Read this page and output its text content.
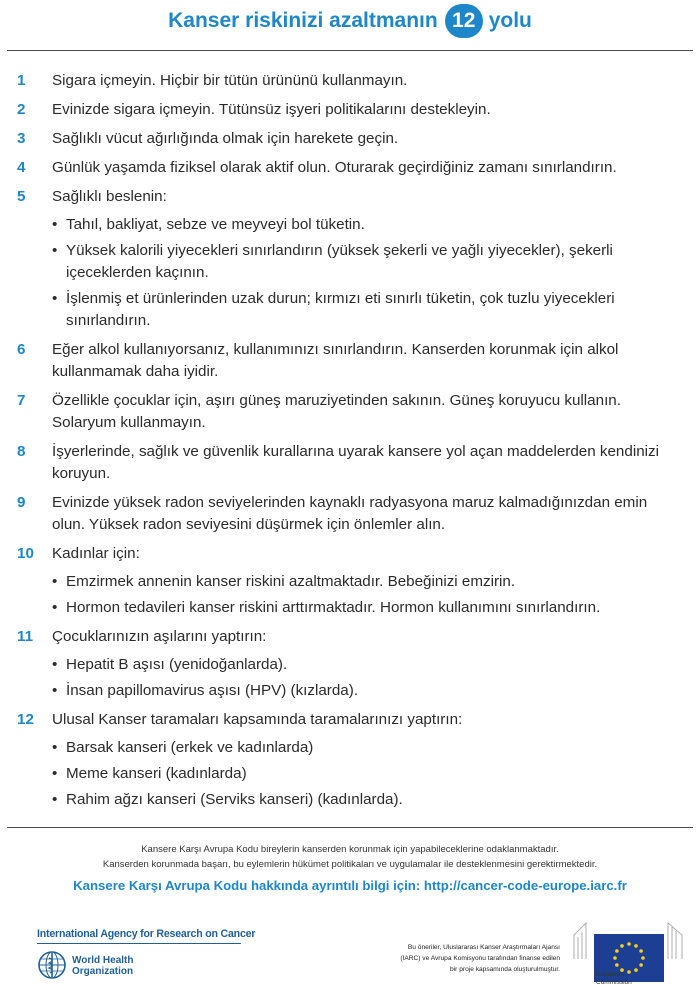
Kanser riskinizi azaltmanın 12 yolu
1	Sigara içmeyin. Hiçbir bir tütün ürününü kullanmayın.
2	Evinizde sigara içmeyin. Tütünsüz işyeri politikalarını destekleyin.
3	Sağlıklı vücut ağırlığında olmak için harekete geçin.
4	Günlük yaşamda fiziksel olarak aktif olun. Oturarak geçirdiğiniz zamanı sınırlandırın.
5	Sağlıklı beslenin:
• Tahıl, bakliyat, sebze ve meyveyi bol tüketin.
• Yüksek kalorili yiyecekleri sınırlandırın (yüksek şekerli ve yağlı yiyecekler), şekerli içeceklerden kaçının.
• İşlenmiş et ürünlerinden uzak durun; kırmızı eti sınırlı tüketin, çok tuzlu yiyecekleri sınırlandırın.
6	Eğer alkol kullanıyorsanız, kullanımınızı sınırlandırın. Kanserden korunmak için alkol kullanmamak daha iyidir.
7	Özellikle çocuklar için, aşırı güneş maruziyetinden sakının. Güneş koruyucu kullanın. Solaryum kullanmayın.
8	İşyerlerinde, sağlık ve güvenlik kurallarına uyarak kansere yol açan maddelerden kendinizi koruyun.
9	Evinizde yüksek radon seviyelerinden kaynaklı radyasyona maruz kalmadığınızdan emin olun. Yüksek radon seviyesini düşürmek için önlemler alın.
10	Kadınlar için:
• Emzirmek annenin kanser riskini azaltmaktadır. Bebeğinizi emzirin.
• Hormon tedavileri kanser riskini arttırmaktadır. Hormon kullanımını sınırlandırın.
11	Çocuklarınızın aşılarını yaptırın:
• Hepatit B aşısı (yenidoğanlarda).
• İnsan papillomavirus aşısı (HPV) (kızlarda).
12	Ulusal Kanser taramaları kapsamında taramalarınızı yaptırın:
• Barsak kanseri (erkek ve kadınlarda)
• Meme kanseri (kadınlarda)
• Rahim ağzı kanseri (Serviks kanseri) (kadınlarda).
Kansere Karşı Avrupa Kodu bireylerin kanserden korunmak için yapabileceklerine odaklanmaktadır.
Kanserden korunmada başarı, bu eylemlerin hükümet politikaları ve uygulamalar ile desteklenmesini gerektirmektedir.
Kansere Karşı Avrupa Kodu hakkında ayrıntılı bilgi için: http://cancer-code-europe.iarc.fr
International Agency for Research on Cancer
World Health
Organization
Bu öneriler, Uluslararası Kanser Araştırmaları Ajansı
(IARC) ve Avrupa Komisyonu tarafından finanse edilen
bir proje kapsamında oluşturulmuştur.
European
Commission
